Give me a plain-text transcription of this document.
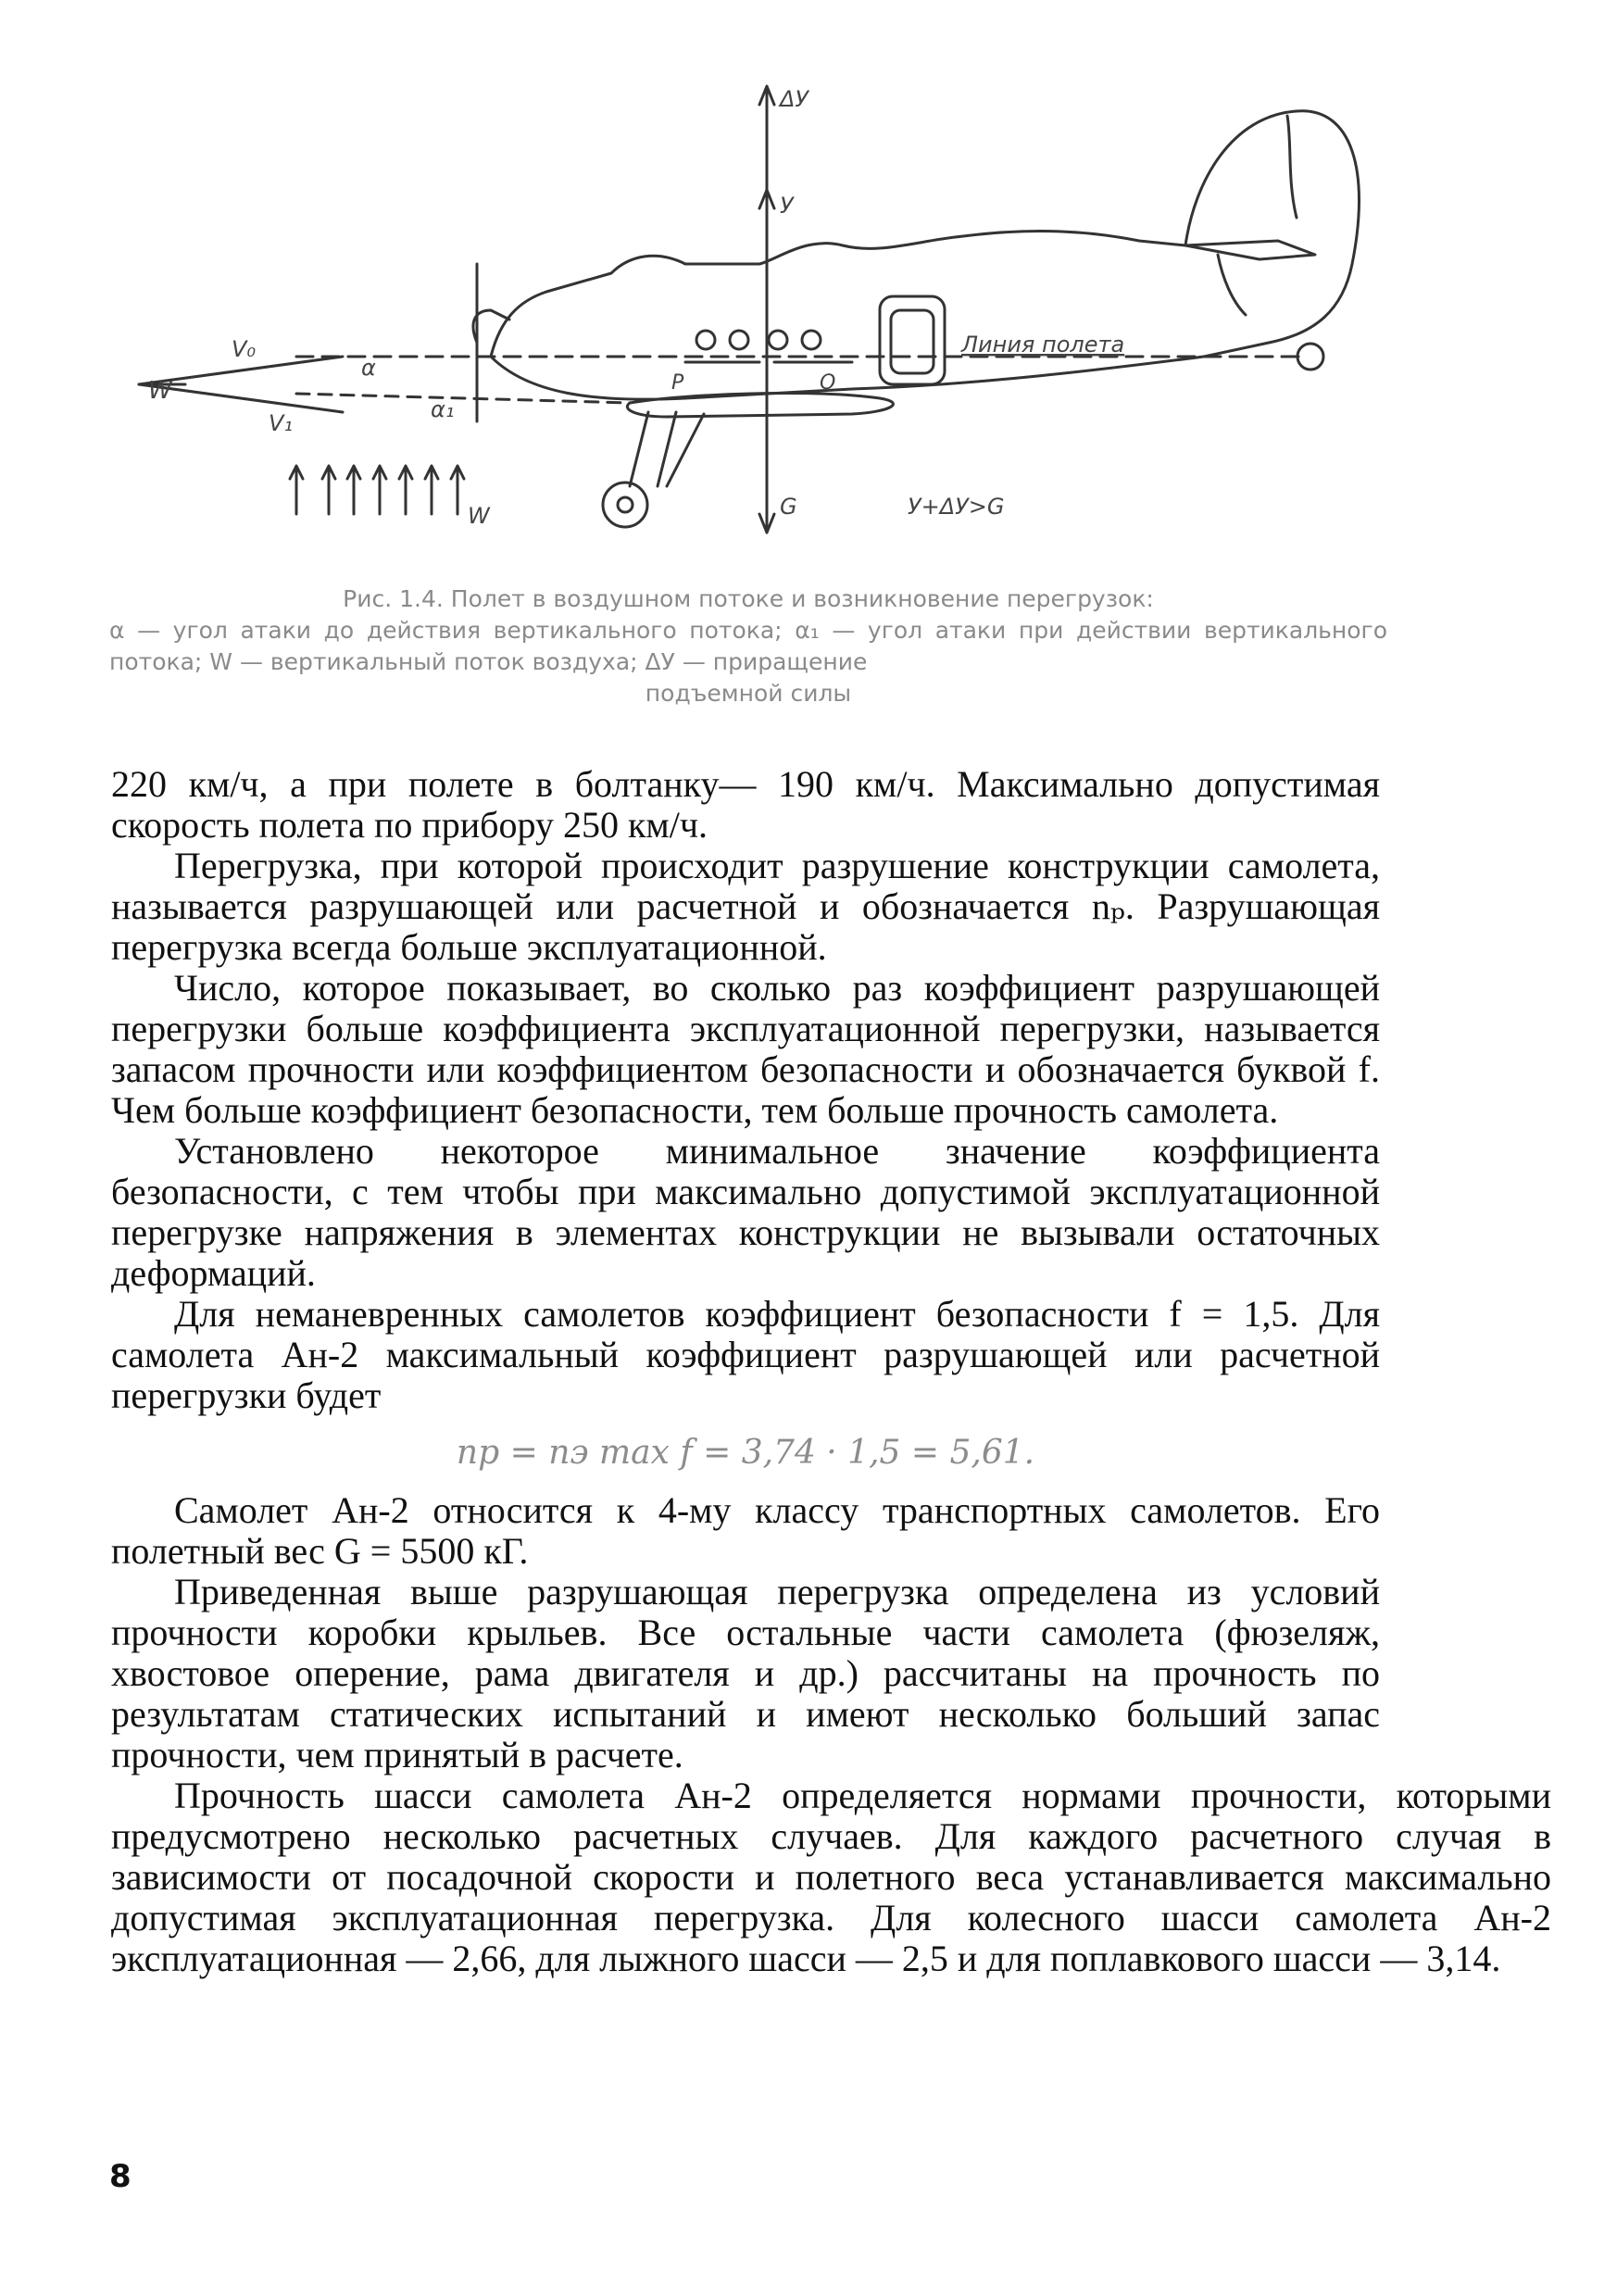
ΔУ
У
Линия полета
V₀
V₁
W
W
α
α₁
P	Q
G	У+ΔУ>G
Рис. 1.4. Полет в воздушном потоке и возникновение перегрузок:
α — угол атаки до действия вертикального потока; α₁ — угол атаки при действии вертикального потока; W — вертикальный поток воздуха; ΔУ — приращение
подъемной силы

220 км/ч, а при полете в болтанку— 190 км/ч. Максимально допустимая скорость полета по прибору 250 км/ч.

Перегрузка, при которой происходит разрушение конструкции самолета, называется разрушающей или расчетной и обозначается nₚ. Разрушающая перегрузка всегда больше эксплуатационной.

Число, которое показывает, во сколько раз коэффициент разрушающей перегрузки больше коэффициента эксплуатационной перегрузки, называется запасом прочности или коэффициентом безопасности и обозначается буквой f. Чем больше коэффициент безопасности, тем больше прочность самолета.

Установлено некоторое минимальное значение коэффициента безопасности, с тем чтобы при максимально допустимой эксплуатационной перегрузке напряжения в элементах конструкции не вызывали остаточных деформаций.

Для неманевренных самолетов коэффициент безопасности f = 1,5. Для самолета Ан-2 максимальный коэффициент разрушающей или расчетной перегрузки будет

nр = nэ max f = 3,74 · 1,5 = 5,61.

Самолет Ан-2 относится к 4-му классу транспортных самолетов. Его полетный вес G = 5500 кГ.

Приведенная выше разрушающая перегрузка определена из условий прочности коробки крыльев. Все остальные части самолета (фюзеляж, хвостовое оперение, рама двигателя и др.) рассчитаны на прочность по результатам статических испытаний и имеют несколько больший запас прочности, чем принятый в расчете.

Прочность шасси самолета Ан-2 определяется нормами прочности, которыми предусмотрено несколько расчетных случаев. Для каждого расчетного случая в зависимости от посадочной скорости и полетного веса устанавливается максимально допустимая эксплуатационная перегрузка. Для колесного шасси самолета Ан-2 эксплуатационная — 2,66, для лыжного шасси — 2,5 и для поплавкового шасси — 3,14.

8
